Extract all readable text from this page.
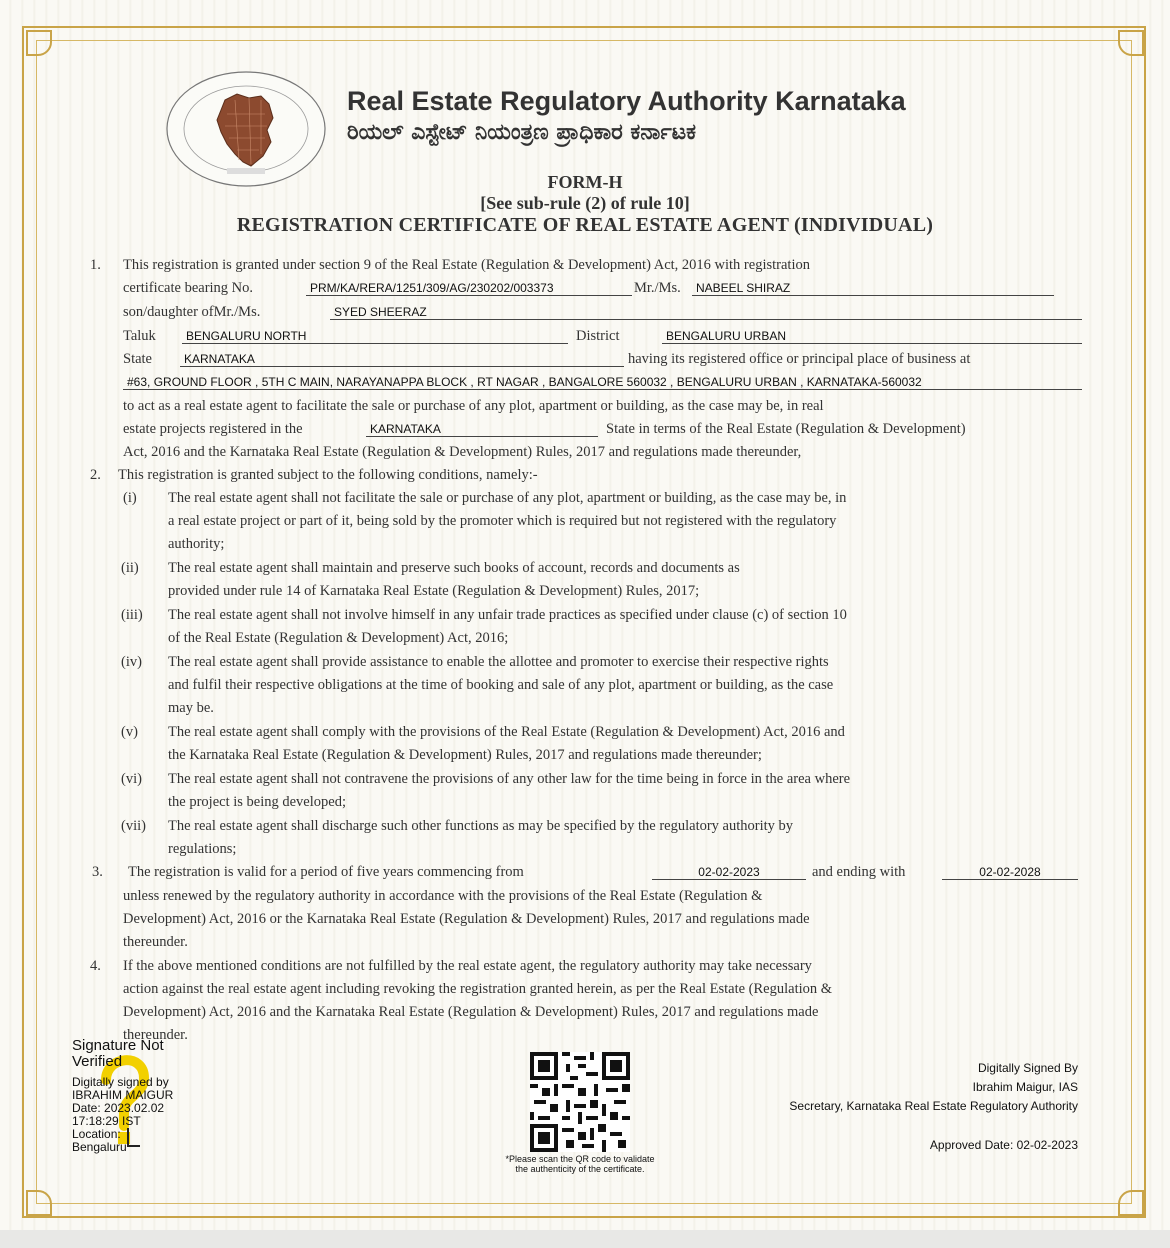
Real Estate Regulatory Authority Karnataka
ರಿಯಲ್ ಎಸ್ಟೇಟ್ ನಿಯಂತ್ರಣ ಪ್ರಾಧಿಕಾರ ಕರ್ನಾಟಕ
FORM-H
[See sub-rule (2) of rule 10]
REGISTRATION CERTIFICATE OF REAL ESTATE AGENT (INDIVIDUAL)
1. This registration is granted under section 9 of the Real Estate (Regulation & Development) Act, 2016 with registration
certificate bearing No.	PRM/KA/RERA/1251/309/AG/230202/003373	Mr./Ms.	NABEEL SHIRAZ
son/daughter ofMr./Ms.	SYED SHEERAZ
Taluk	BENGALURU NORTH	District	BENGALURU URBAN
State	KARNATAKA	having its registered office or principal place of business at
#63, GROUND FLOOR , 5TH C MAIN, NARAYANAPPA BLOCK , RT NAGAR , BANGALORE 560032 , BENGALURU URBAN , KARNATAKA-560032
to act as a real estate agent to facilitate the sale or purchase of any plot, apartment or building, as the case may be, in real
estate projects registered in the	KARNATAKA	State in terms of the Real Estate (Regulation & Development)
Act, 2016 and the Karnataka Real Estate (Regulation & Development) Rules, 2017 and regulations made thereunder,
2. This registration is granted subject to the following conditions, namely:-
(i) The real estate agent shall not facilitate the sale or purchase of any plot, apartment or building, as the case may be, in
a real estate project or part of it, being sold by the promoter which is required but not registered with the regulatory
authority;
(ii) The real estate agent shall maintain and preserve such books of account, records and documents as
provided under rule 14 of Karnataka Real Estate (Regulation & Development) Rules, 2017;
(iii) The real estate agent shall not involve himself in any unfair trade practices as specified under clause (c) of section 10
of the Real Estate (Regulation & Development) Act, 2016;
(iv) The real estate agent shall provide assistance to enable the allottee and promoter to exercise their respective rights
and fulfil their respective obligations at the time of booking and sale of any plot, apartment or building, as the case
may be.
(v) The real estate agent shall comply with the provisions of the Real Estate (Regulation & Development) Act, 2016 and
the Karnataka Real Estate (Regulation & Development) Rules, 2017 and regulations made thereunder;
(vi) The real estate agent shall not contravene the provisions of any other law for the time being in force in the area where
the project is being developed;
(vii) The real estate agent shall discharge such other functions as may be specified by the regulatory authority by
regulations;
3. The registration is valid for a period of five years commencing from	02-02-2023	and ending with	02-02-2028
unless renewed by the regulatory authority in accordance with the provisions of the Real Estate (Regulation &
Development) Act, 2016 or the Karnataka Real Estate (Regulation & Development) Rules, 2017 and regulations made
thereunder.
4. If the above mentioned conditions are not fulfilled by the real estate agent, the regulatory authority may take necessary
action against the real estate agent including revoking the registration granted herein, as per the Real Estate (Regulation &
Development) Act, 2016 and the Karnataka Real Estate (Regulation & Development) Rules, 2017 and regulations made
thereunder.
Signature Not
Verified
Digitally signed by
IBRAHIM MAIGUR
Date: 2023.02.02
17:18:29 IST
Location:
Bengaluru
*Please scan the QR code to validate
the authenticity of the certificate.
Digitally Signed By
Ibrahim Maigur, IAS
Secretary, Karnataka Real Estate Regulatory Authority
Approved Date: 02-02-2023
